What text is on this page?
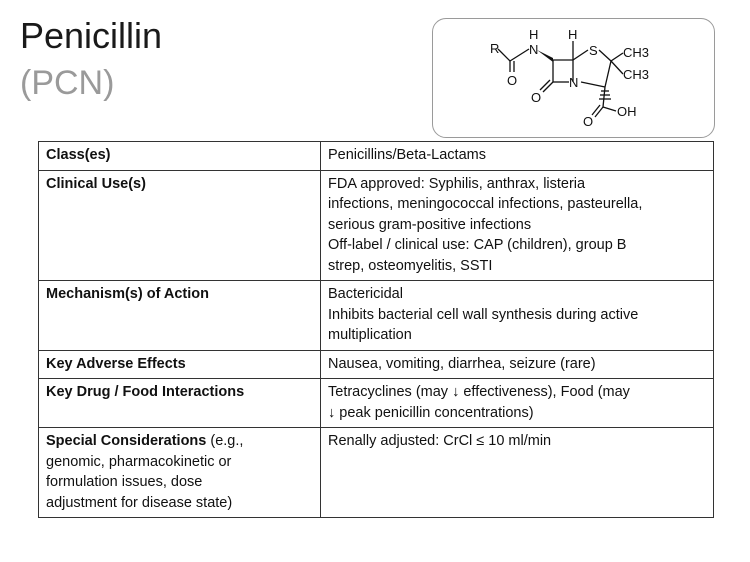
Penicillin
(PCN)
R N
H H
S CH3
CH3
O
O
N
O
OH
Class(es)	Penicillins/Beta-Lactams

Clinical Use(s)	FDA approved: Syphilis, anthrax, listeria
infections, meningococcal infections, pasteurella,
serious gram-positive infections
Off-label / clinical use: CAP (children), group B
strep, osteomyelitis, SSTI

Mechanism(s) of Action	Bactericidal
Inhibits bacterial cell wall synthesis during active
multiplication

Key Adverse Effects	Nausea, vomiting, diarrhea, seizure (rare)

Key Drug / Food Interactions	Tetracyclines (may ↓ effectiveness), Food (may
↓ peak penicillin concentrations)

Special Considerations (e.g.,
genomic, pharmacokinetic or
formulation issues, dose
adjustment for disease state)	Renally adjusted: CrCl ≤ 10 ml/min
